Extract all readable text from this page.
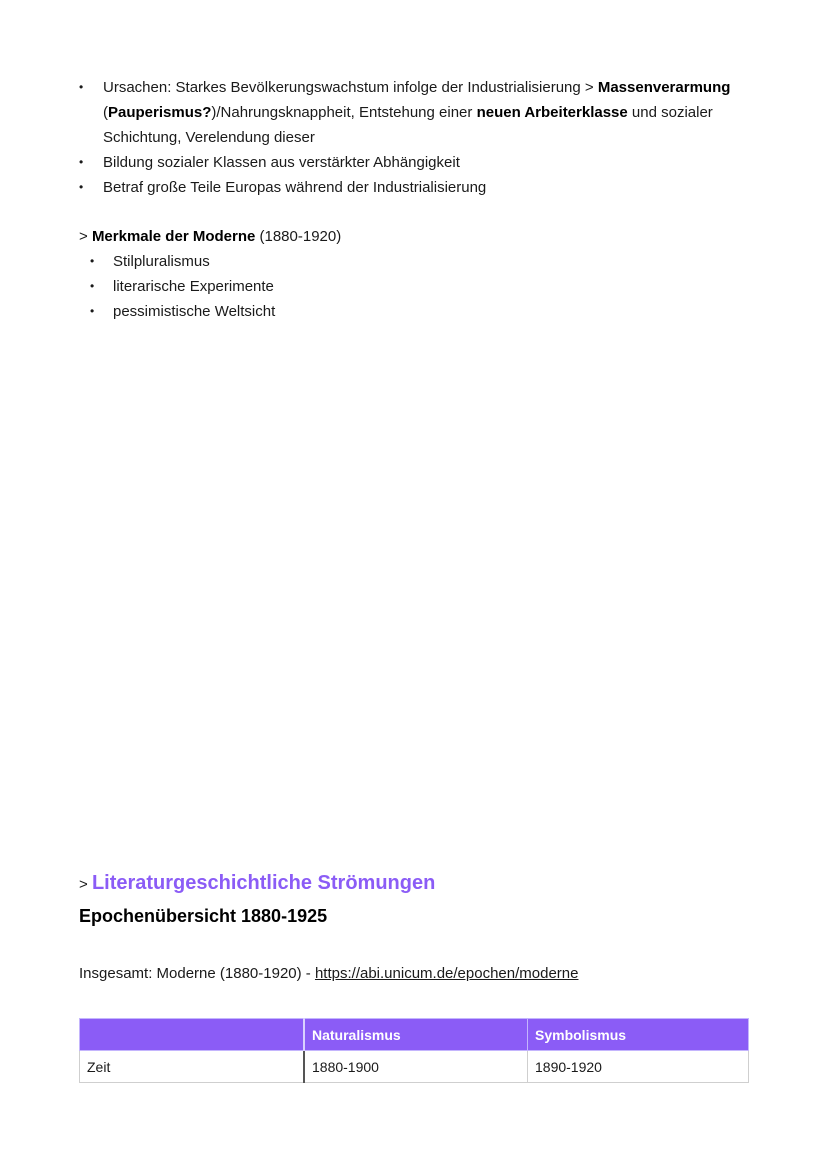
• Ursachen: Starkes Bevölkerungswachstum infolge der Industrialisierung > Massenverarmung (Pauperismus?)/Nahrungsknappheit, Entstehung einer neuen Arbeiterklasse und sozialer Schichtung, Verelendung dieser
• Bildung sozialer Klassen aus verstärkter Abhängigkeit
• Betraf große Teile Europas während der Industrialisierung
> Merkmale der Moderne (1880-1920)
• Stilpluralismus
• literarische Experimente
• pessimistische Weltsicht
> Literaturgeschichtliche Strömungen
Epochenübersicht 1880-1925
Insgesamt: Moderne (1880-1920) - https://abi.unicum.de/epochen/moderne
	Naturalismus	Symbolismus
Zeit	1880-1900	1890-1920
